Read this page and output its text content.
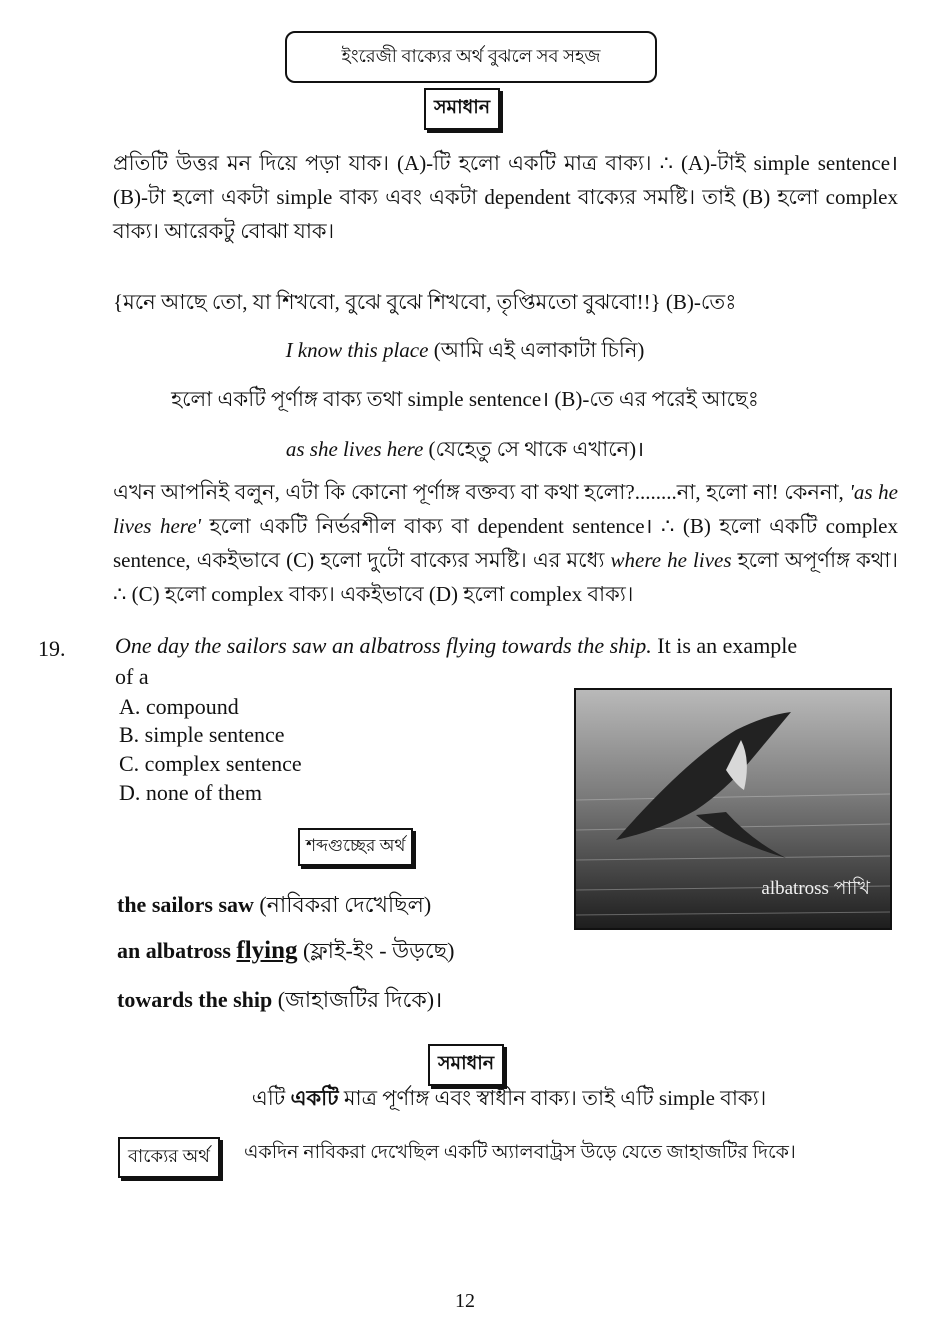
ইংরেজী বাক্যের অর্থ বুঝলে সব সহজ
সমাধান
প্রতিটি উত্তর মন দিয়ে পড়া যাক। (A)-টি হলো একটি মাত্র বাক্য। ∴ (A)-টাই simple sentence। (B)-টা হলো একটা simple বাক্য এবং একটা dependent বাক্যের সমষ্টি। তাই (B) হলো complex বাক্য। আরেকটু বোঝা যাক।
{মনে আছে তো, যা শিখবো, বুঝে বুঝে শিখবো, তৃপ্তিমতো বুঝবো!!} (B)-তেঃ
I know this place (আমি এই এলাকাটা চিনি)
হলো একটি পূর্ণাঙ্গ বাক্য তথা simple sentence। (B)-তে এর পরেই আছেঃ
as she lives here (যেহেতু সে থাকে এখানে)।
এখন আপনিই বলুন, এটা কি কোনো পূর্ণাঙ্গ বক্তব্য বা কথা হলো?........না, হলো না! কেননা, 'as he lives here' হলো একটি নির্ভরশীল বাক্য বা dependent sentence। ∴ (B) হলো একটি complex sentence, একইভাবে (C) হলো দুটো বাক্যের সমষ্টি। এর মধ্যে where he lives হলো অপূর্ণাঙ্গ কথা। ∴ (C) হলো complex বাক্য। একইভাবে (D) হলো complex বাক্য।
19. One day the sailors saw an albatross flying towards the ship. It is an example
of a
A. compound
B. simple sentence
C. complex sentence
D. none of them
albatross পাখি
শব্দগুচ্ছের অর্থ
the sailors saw (নাবিকরা দেখেছিল)
an albatross flying (ফ্লাই-ইং - উড়ছে)
towards the ship (জাহাজটির দিকে)।
সমাধান
এটি একটি মাত্র পূর্ণাঙ্গ এবং স্বাধীন বাক্য। তাই এটি simple বাক্য।
বাক্যের অর্থ	একদিন নাবিকরা দেখেছিল একটি অ্যালবাট্রস উড়ে যেতে জাহাজটির দিকে।
12
